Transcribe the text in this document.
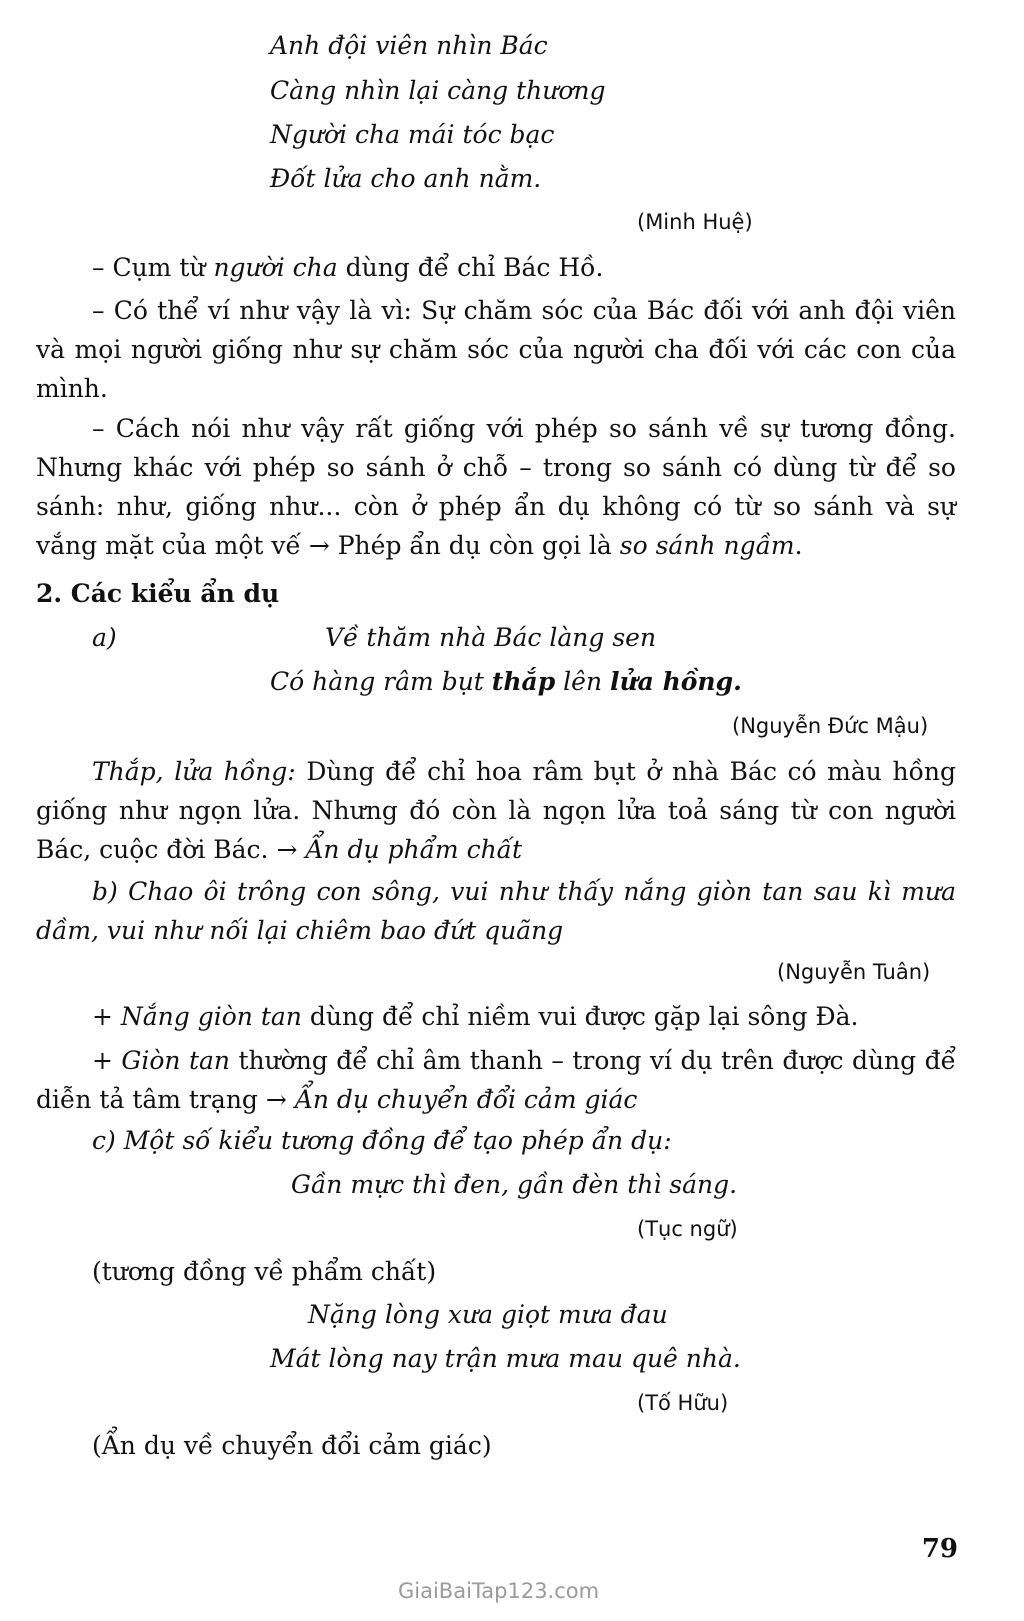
Anh đội viên nhìn Bác
Càng nhìn lại càng thương
Người cha mái tóc bạc
Đốt lửa cho anh nằm.
(Minh Huệ)
– Cụm từ người cha dùng để chỉ Bác Hồ.
– Có thể ví như vậy là vì: Sự chăm sóc của Bác đối với anh đội viên và mọi người giống như sự chăm sóc của người cha đối với các con của mình.
– Cách nói như vậy rất giống với phép so sánh về sự tương đồng. Nhưng khác với phép so sánh ở chỗ – trong so sánh có dùng từ để so sánh: như, giống như... còn ở phép ẩn dụ không có từ so sánh và sự vắng mặt của một vế → Phép ẩn dụ còn gọi là so sánh ngầm.
2. Các kiểu ẩn dụ
a)	Về thăm nhà Bác làng sen
Có hàng râm bụt thắp lên lửa hồng.
(Nguyễn Đức Mậu)
Thắp, lửa hồng: Dùng để chỉ hoa râm bụt ở nhà Bác có màu hồng giống như ngọn lửa. Nhưng đó còn là ngọn lửa toả sáng từ con người Bác, cuộc đời Bác. → Ẩn dụ phẩm chất
b) Chao ôi trông con sông, vui như thấy nắng giòn tan sau kì mưa dầm, vui như nối lại chiêm bao đứt quãng
(Nguyễn Tuân)
+ Nắng giòn tan dùng để chỉ niềm vui được gặp lại sông Đà.
+ Giòn tan thường để chỉ âm thanh – trong ví dụ trên được dùng để diễn tả tâm trạng → Ẩn dụ chuyển đổi cảm giác
c) Một số kiểu tương đồng để tạo phép ẩn dụ:
Gần mực thì đen, gần đèn thì sáng.
(Tục ngữ)
(tương đồng về phẩm chất)
Nặng lòng xưa giọt mưa đau
Mát lòng nay trận mưa mau quê nhà.
(Tố Hữu)
(Ẩn dụ về chuyển đổi cảm giác)
79
GiaiBaiTap123.com
